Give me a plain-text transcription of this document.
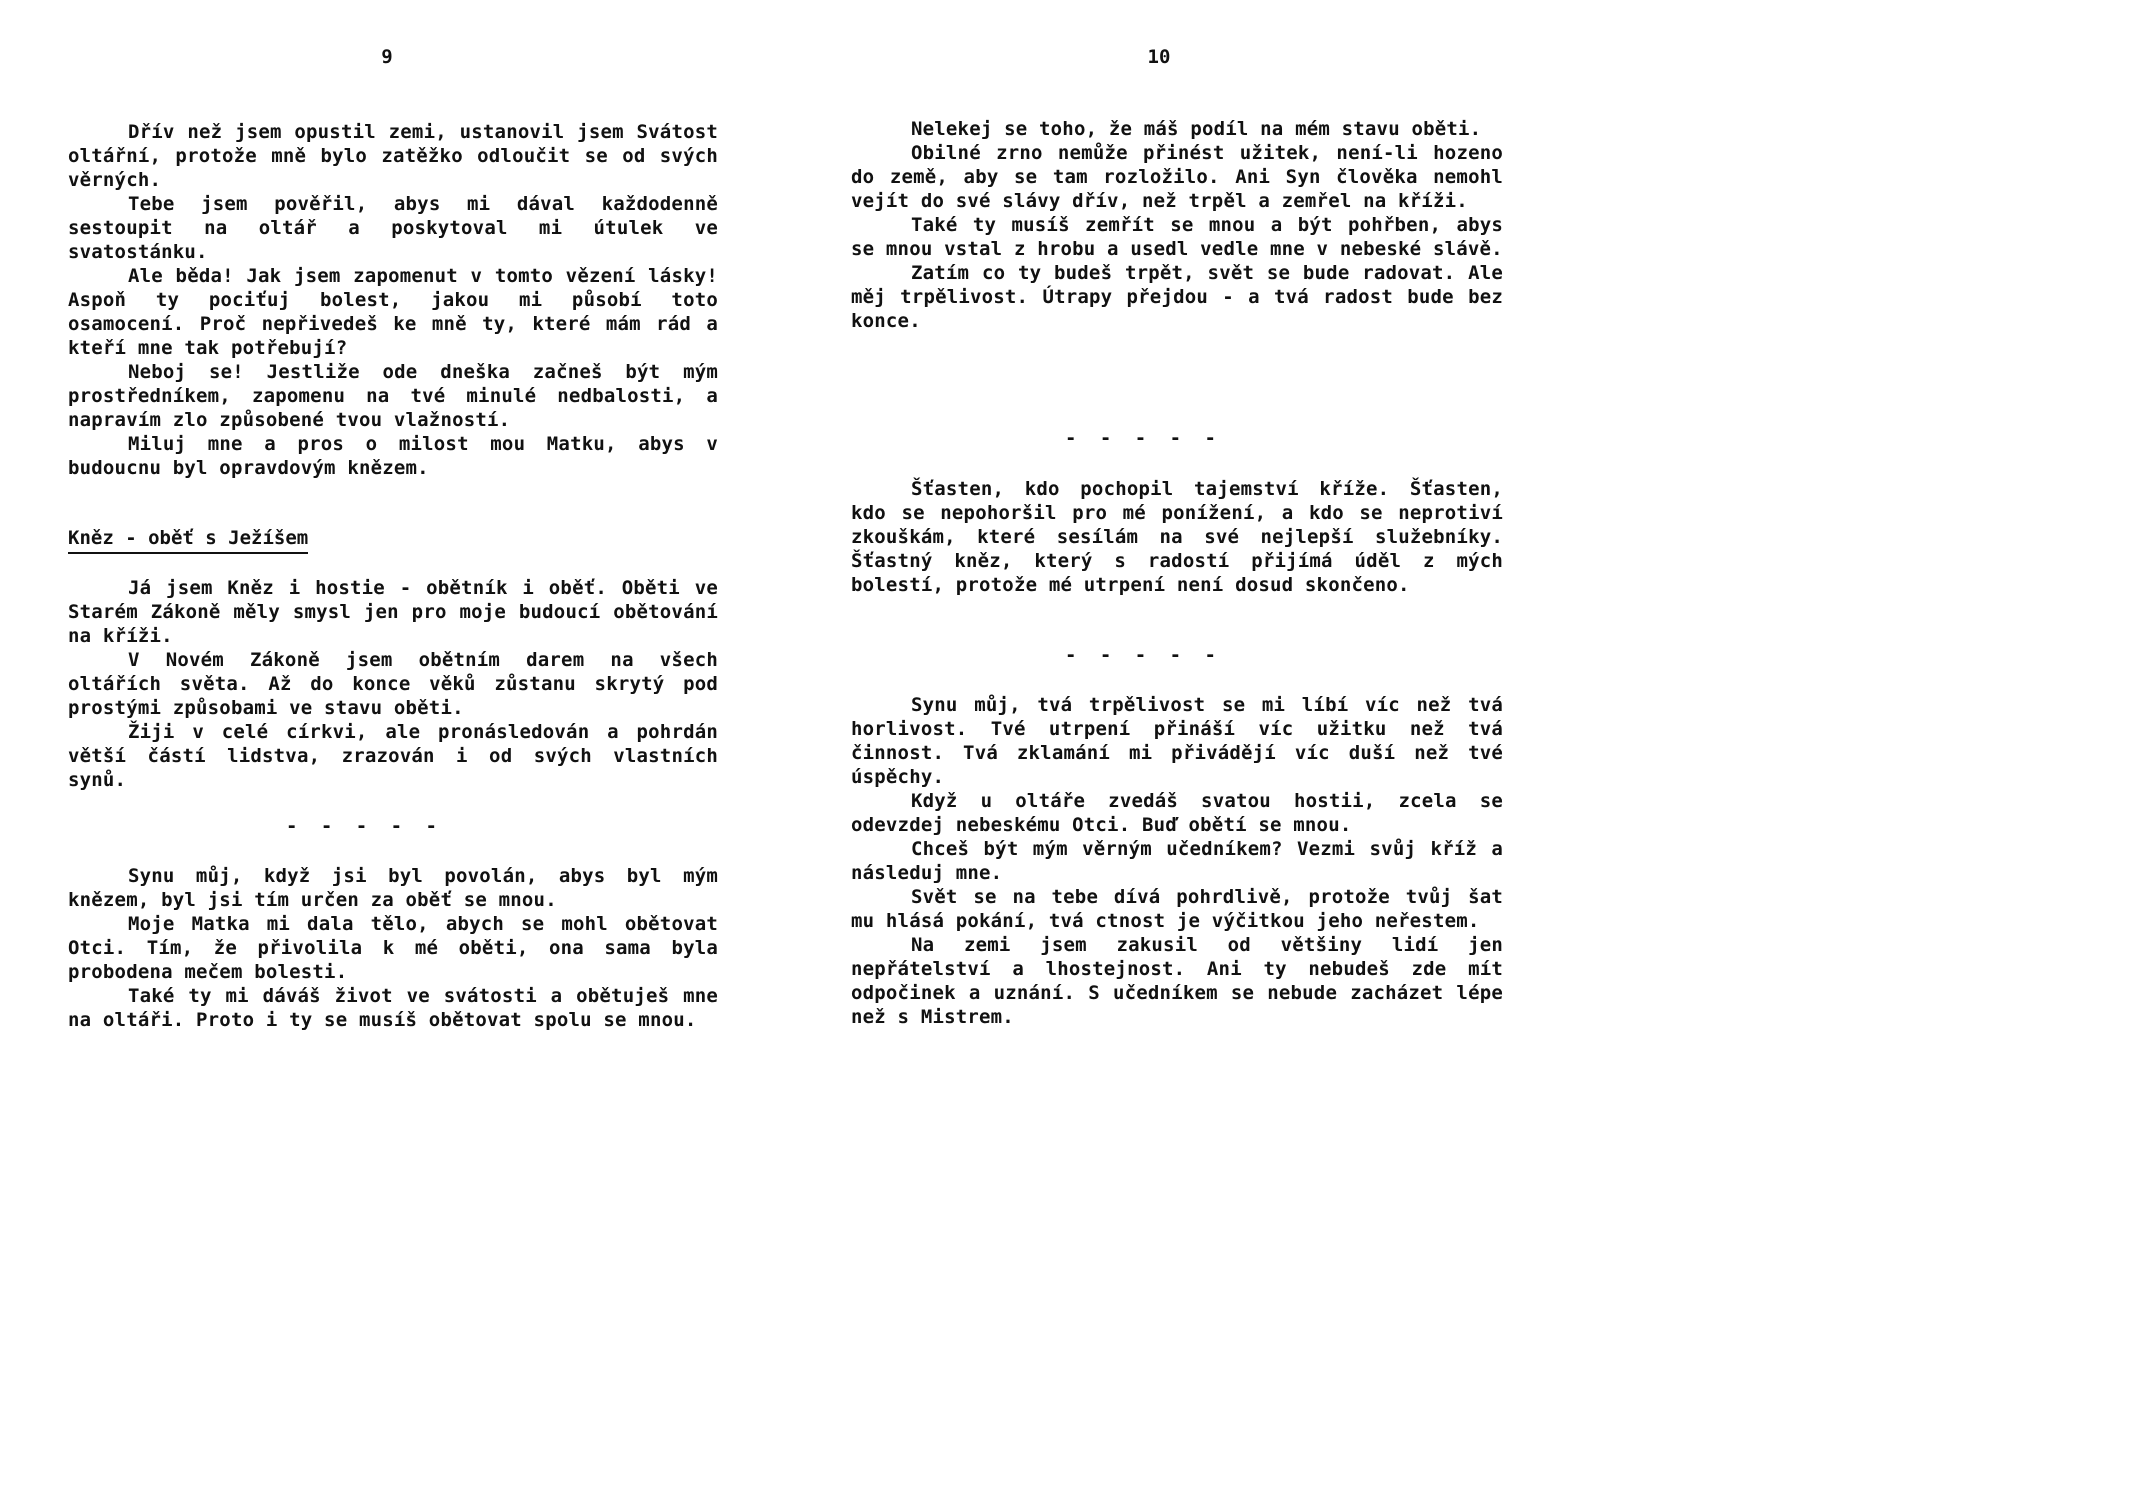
9

Dřív než jsem opustil zemi, ustanovil jsem Svátost oltářní, protože mně bylo zatěžko odloučit se od svých věrných.

Tebe jsem pověřil, abys mi dával každodenně sestoupit na oltář a poskytoval mi útulek ve svatostánku.

Ale běda! Jak jsem zapomenut v tomto vězení lásky! Aspoň ty pociťuj bolest, jakou mi působí toto osamocení. Proč nepřivedeš ke mně ty, které mám rád a kteří mne tak potřebují?

Neboj se! Jestliže ode dneška začneš být mým prostředníkem, zapomenu na tvé minulé nedbalosti, a napravím zlo způsobené tvou vlažností.

Miluj mne a pros o milost mou Matku, abys v budoucnu byl opravdovým knězem.

Kněz - oběť s Ježíšem

Já jsem Kněz i hostie - obětník i oběť. Oběti ve Starém Zákoně měly smysl jen pro moje budoucí obětování na kříži.

V Novém Zákoně jsem obětním darem na všech oltářích světa. Až do konce věků zůstanu skrytý pod prostými způsobami ve stavu oběti.

Žiji v celé církvi, ale pronásledován a pohrdán větší částí lidstva, zrazován i od svých vlastních synů.

- - - - -

Synu můj, když jsi byl povolán, abys byl mým knězem, byl jsi tím určen za oběť se mnou.

Moje Matka mi dala tělo, abych se mohl obětovat Otci. Tím, že přivolila k mé oběti, ona sama byla probodena mečem bolesti.

Také ty mi dáváš život ve svátosti a obětuješ mne na oltáři. Proto i ty se musíš obětovat spolu se mnou.

10

Nelekej se toho, že máš podíl na mém stavu oběti.

Obilné zrno nemůže přinést užitek, není-li hozeno do země, aby se tam rozložilo. Ani Syn člověka nemohl vejít do své slávy dřív, než trpěl a zemřel na kříži.

Také ty musíš zemřít se mnou a být pohřben, abys se mnou vstal z hrobu a usedl vedle mne v nebeské slávě.

Zatím co ty budeš trpět, svět se bude radovat. Ale měj trpělivost. Útrapy přejdou - a tvá radost bude bez konce.

- - - - -

Šťasten, kdo pochopil tajemství kříže. Šťasten, kdo se nepohoršil pro mé ponížení, a kdo se neprotiví zkouškám, které sesílám na své nejlepší služebníky. Šťastný kněz, který s radostí přijímá úděl z mých bolestí, protože mé utrpení není dosud skončeno.

- - - - -

Synu můj, tvá trpělivost se mi líbí víc než tvá horlivost. Tvé utrpení přináší víc užitku než tvá činnost. Tvá zklamání mi přivádějí víc duší než tvé úspěchy.

Když u oltáře zvedáš svatou hostii, zcela se odevzdej nebeskému Otci. Buď obětí se mnou.

Chceš být mým věrným učedníkem? Vezmi svůj kříž a následuj mne.

Svět se na tebe dívá pohrdlivě, protože tvůj šat mu hlásá pokání, tvá ctnost je výčitkou jeho neřestem.

Na zemi jsem zakusil od většiny lidí jen nepřátelství a lhostejnost. Ani ty nebudeš zde mít odpočinek a uznání. S učedníkem se nebude zacházet lépe než s Mistrem.
